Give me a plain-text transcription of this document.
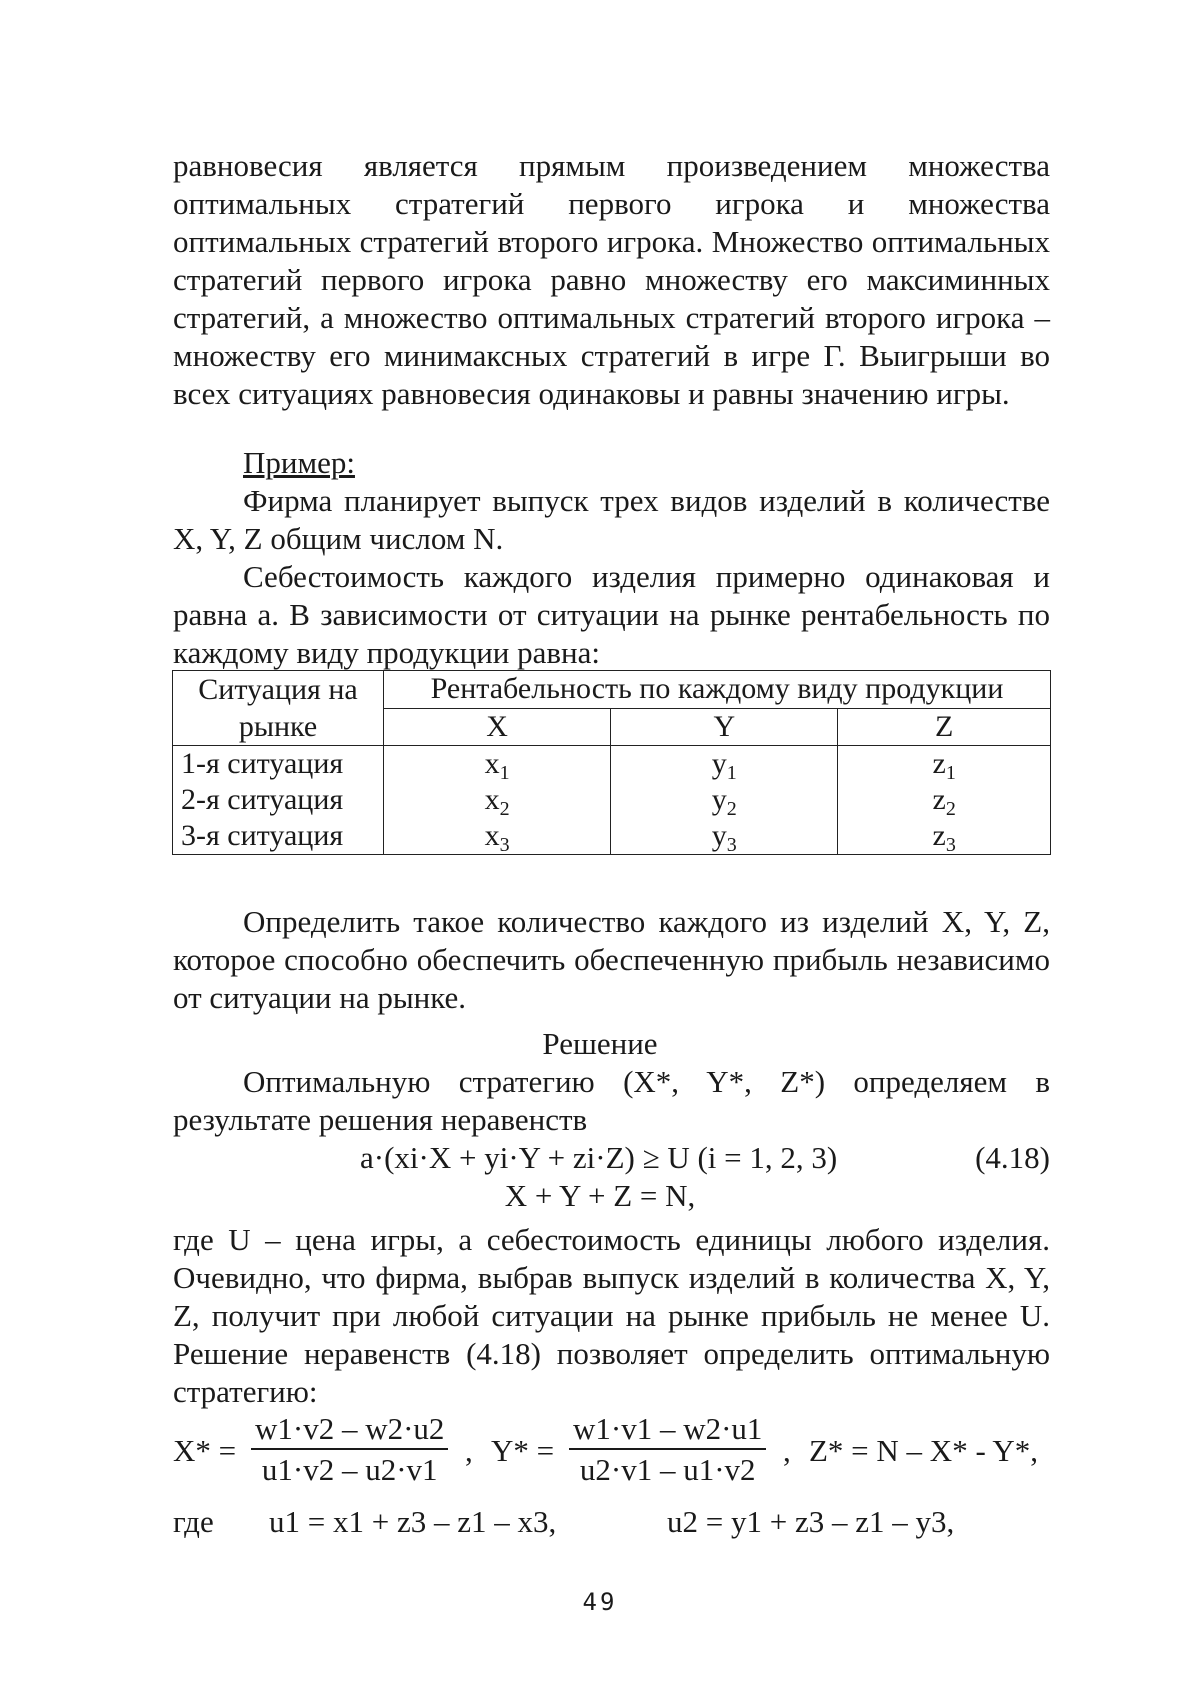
равновесия является прямым произведением множества оптимальных стратегий первого игрока и множества оптимальных стратегий второго игрока. Множество оптимальных стратегий первого игрока равно множеству его максиминных стратегий, а множество оптимальных стратегий второго игрока – множеству его минимаксных стратегий в игре Г. Выигрыши во всех ситуациях равновесия одинаковы и равны значению игры.

Пример:

Фирма планирует выпуск трех видов изделий в количестве X, Y, Z общим числом N.

Себестоимость каждого изделия примерно одинаковая и равна a. В зависимости от ситуации на рынке рентабельность по каждому виду продукции равна:

Ситуация на рынке	Рентабельность по каждому виду продукции		
	X	Y	Z
1-я ситуация	$x_1$	$y_1$	$z_1$
2-я ситуация	$x_2$	$y_2$	$z_2$
3-я ситуация	$x_3$	$y_3$	$z_3$

Определить такое количество каждого из изделий X, Y, Z, которое способно обеспечить обеспеченную прибыль независимо от ситуации на рынке.

Решение

Оптимальную стратегию (X*, Y*, Z*) определяем в результате решения неравенств

a·(xi·X + yi·Y + zi·Z) ≥ U (i = 1, 2, 3)	(4.18)
X + Y + Z = N,

где U – цена игры, а себестоимость единицы любого изделия. Очевидно, что фирма, выбрав выпуск изделий в количества X, Y, Z, получит при любой ситуации на рынке прибыль не менее U. Решение неравенств (4.18) позволяет определить оптимальную стратегию:

$X* = \frac{w1\cdot v2 - w2\cdot u2}{u1\cdot v2 - u2\cdot v1}$ , $Y* = \frac{w1\cdot v1 - w2\cdot u1}{u2\cdot v1 - u1\cdot v2}$ , Z* = N – X* - Y*,
где u1 = x1 + z3 – z1 – x3,	u2 = y1 + z3 – z1 – y3,
49
